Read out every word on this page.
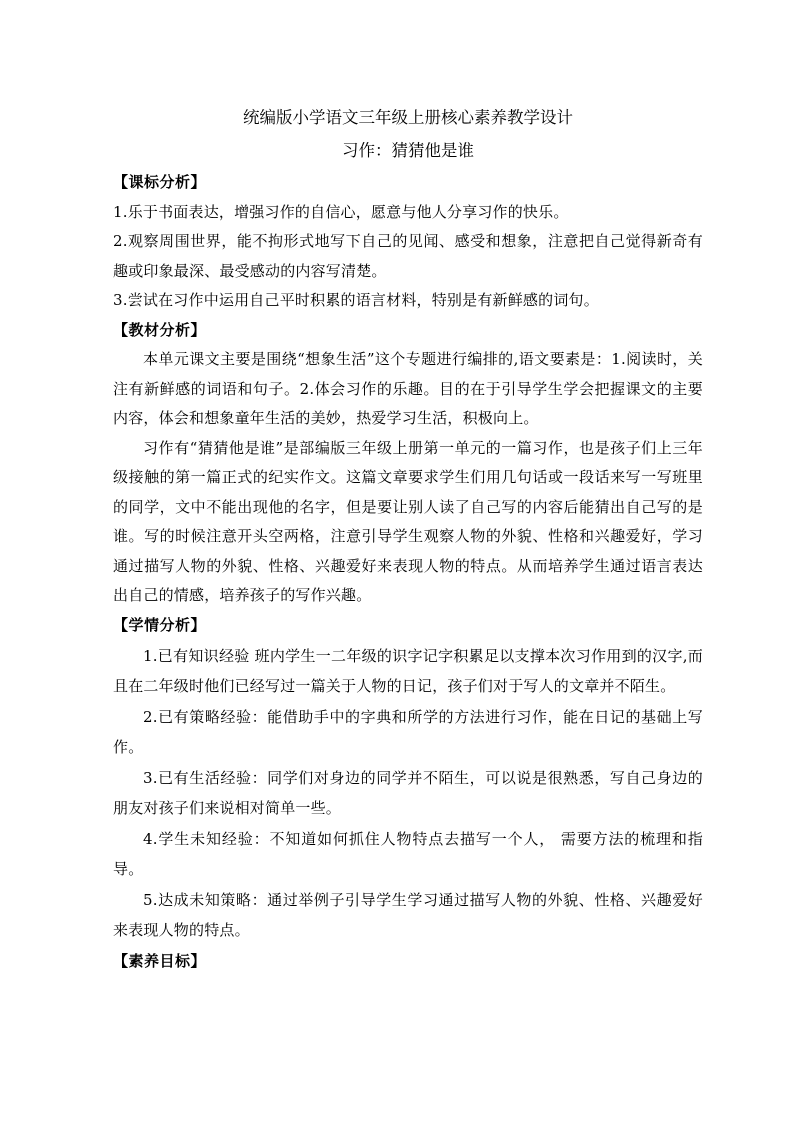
统编版小学语文三年级上册核心素养教学设计

习作：猜猜他是谁

【课标分析】

1.乐于书面表达，增强习作的自信心，愿意与他人分享习作的快乐。

2.观察周围世界，能不拘形式地写下自己的见闻、感受和想象，注意把自己觉得新奇有趣或印象最深、最受感动的内容写清楚。

3.尝试在习作中运用自己平时积累的语言材料，特别是有新鲜感的词句。

【教材分析】

本单元课文主要是围绕“想象生活”这个专题进行编排的,语文要素是：1.阅读时，关注有新鲜感的词语和句子。2.体会习作的乐趣。目的在于引导学生学会把握课文的主要内容，体会和想象童年生活的美妙，热爱学习生活，积极向上。

习作有“猜猜他是谁”是部编版三年级上册第一单元的一篇习作，也是孩子们上三年级接触的第一篇正式的纪实作文。这篇文章要求学生们用几句话或一段话来写一写班里的同学，文中不能出现他的名字，但是要让别人读了自己写的内容后能猜出自己写的是谁。写的时候注意开头空两格，注意引导学生观察人物的外貌、性格和兴趣爱好，学习通过描写人物的外貌、性格、兴趣爱好来表现人物的特点。从而培养学生通过语言表达出自己的情感，培养孩子的写作兴趣。

【学情分析】

1.已有知识经验 班内学生一二年级的识字记字积累足以支撑本次习作用到的汉字,而且在二年级时他们已经写过一篇关于人物的日记，孩子们对于写人的文章并不陌生。

2.已有策略经验：能借助手中的字典和所学的方法进行习作，能在日记的基础上写作。

3.已有生活经验：同学们对身边的同学并不陌生，可以说是很熟悉，写自己身边的朋友对孩子们来说相对简单一些。

4.学生未知经验：不知道如何抓住人物特点去描写一个人， 需要方法的梳理和指导。

5.达成未知策略：通过举例子引导学生学习通过描写人物的外貌、性格、兴趣爱好来表现人物的特点。

【素养目标】
